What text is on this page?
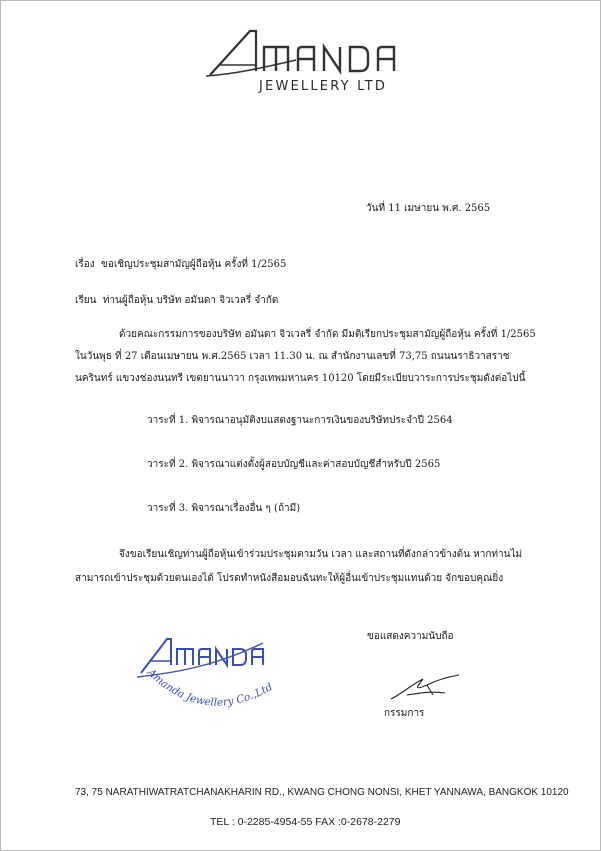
JEWELLERY LTD
วันที่ 11 เมษายน พ.ศ. 2565
เรื่อง ขอเชิญประชุมสามัญผู้ถือหุ้น ครั้งที่ 1/2565
เรียน ท่านผู้ถือหุ้น บริษัท อมันดา จิวเวลรี่ จำกัด
ด้วยคณะกรรมการของบริษัท อมันดา จิวเวลรี่ จำกัด มีมติเรียกประชุมสามัญผู้ถือหุ้น ครั้งที่ 1/2565
ในวันพุธ ที่ 27 เดือนเมษายน พ.ศ.2565 เวลา 11.30 น. ณ สำนักงานเลขที่ 73,75 ถนนนราธิวาสราช
นครินทร์ แขวงช่องนนทรี เขตยานนาวา กรุงเทพมหานคร 10120 โดยมีระเบียบวาระการประชุมดังต่อไปนี้
วาระที่ 1. พิจารณาอนุมัติงบแสดงฐานะการเงินของบริษัทประจำปี 2564
วาระที่ 2. พิจารณาแต่งตั้งผู้สอบบัญชีและค่าสอบบัญชีสำหรับปี 2565
วาระที่ 3. พิจารณาเรื่องอื่น ๆ (ถ้ามี)
จึงขอเรียนเชิญท่านผู้ถือหุ้นเข้าร่วมประชุมตามวัน เวลา และสถานที่ดังกล่าวข้างต้น หากท่านไม่
สามารถเข้าประชุมด้วยตนเองได้ โปรดทำหนังสือมอบฉันทะให้ผู้อื่นเข้าประชุมแทนด้วย จักขอบคุณยิ่ง
ขอแสดงความนับถือ
Amanda Jewellery Co.,Ltd
กรรมการ
73, 75 NARATHIWATRATCHANAKHARIN RD., KWANG CHONG NONSI, KHET YANNAWA, BANGKOK 10120
TEL : 0-2285-4954-55 FAX :0-2678-2279
